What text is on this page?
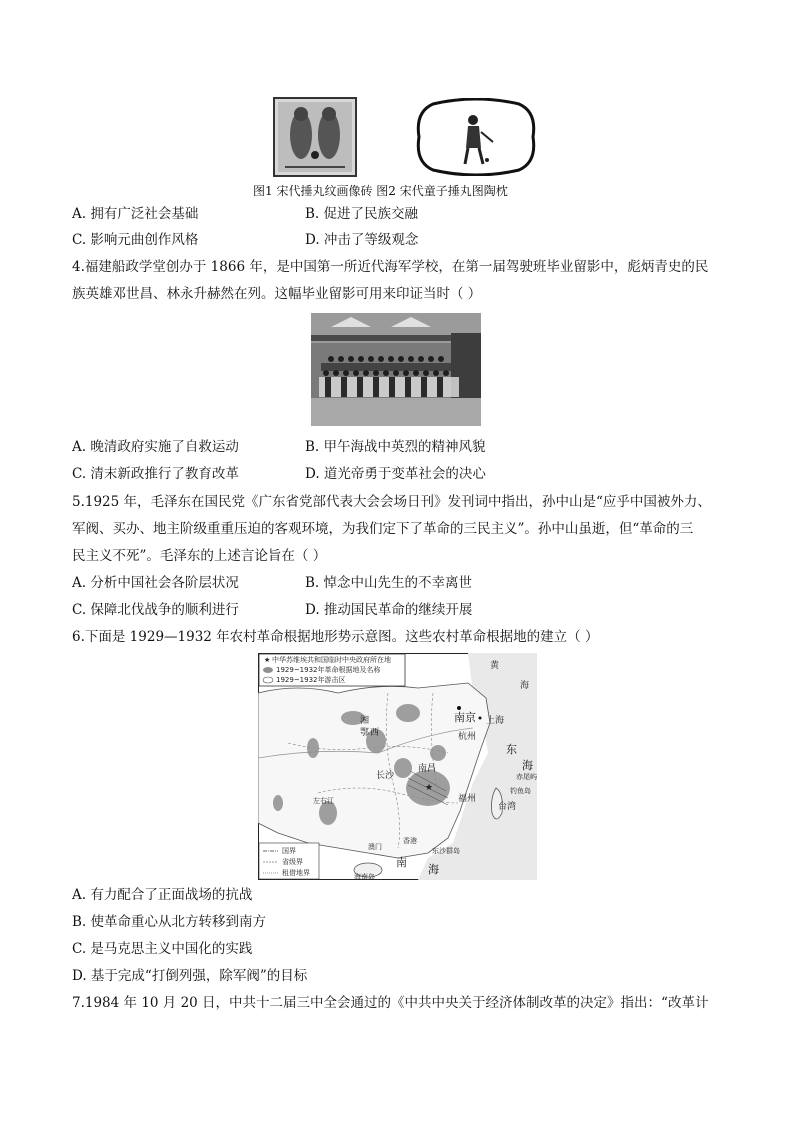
图1 宋代捶丸纹画像砖 图2 宋代童子捶丸图陶枕
A. 拥有广泛社会基础	B. 促进了民族交融
C. 影响元曲创作风格	D. 冲击了等级观念
4.福建船政学堂创办于 1866 年，是中国第一所近代海军学校，在第一届驾驶班毕业留影中，彪炳青史的民
族英雄邓世昌、林永升赫然在列。这幅毕业留影可用来印证当时（ ）
A. 晚清政府实施了自救运动	B. 甲午海战中英烈的精神风貌
C. 清末新政推行了教育改革	D. 道光帝勇于变革社会的决心
5.1925 年，毛泽东在国民党《广东省党部代表大会会场日刊》发刊词中指出，孙中山是“应乎中国被外力、
军阀、买办、地主阶级重重压迫的客观环境，为我们定下了革命的三民主义”。孙中山虽逝，但“革命的三
民主义不死”。毛泽东的上述言论旨在（ ）
A. 分析中国社会各阶层状况	B. 悼念中山先生的不幸离世
C. 保障北伐战争的顺利进行	D. 推动国民革命的继续开展
6.下面是 1929—1932 年农村革命根据地形势示意图。这些农村革命根据地的建立（ ）
★ 中华苏维埃共和国临时中央政府所在地
1929~1932年革命根据地及名称
1929~1932年游击区
国界
省级界
租借地界
黄
海
南京 上海
杭州
东
海
长沙
南昌
★
福州
台湾
赤尾屿
钓鱼岛
湘
鄂 西
左右江
香港
澳门	东沙群岛
南
海
海南岛
A. 有力配合了正面战场的抗战
B. 使革命重心从北方转移到南方
C. 是马克思主义中国化的实践
D. 基于完成“打倒列强，除军阀”的目标
7.1984 年 10 月 20 日，中共十二届三中全会通过的《中共中央关于经济体制改革的决定》指出：“改革计
